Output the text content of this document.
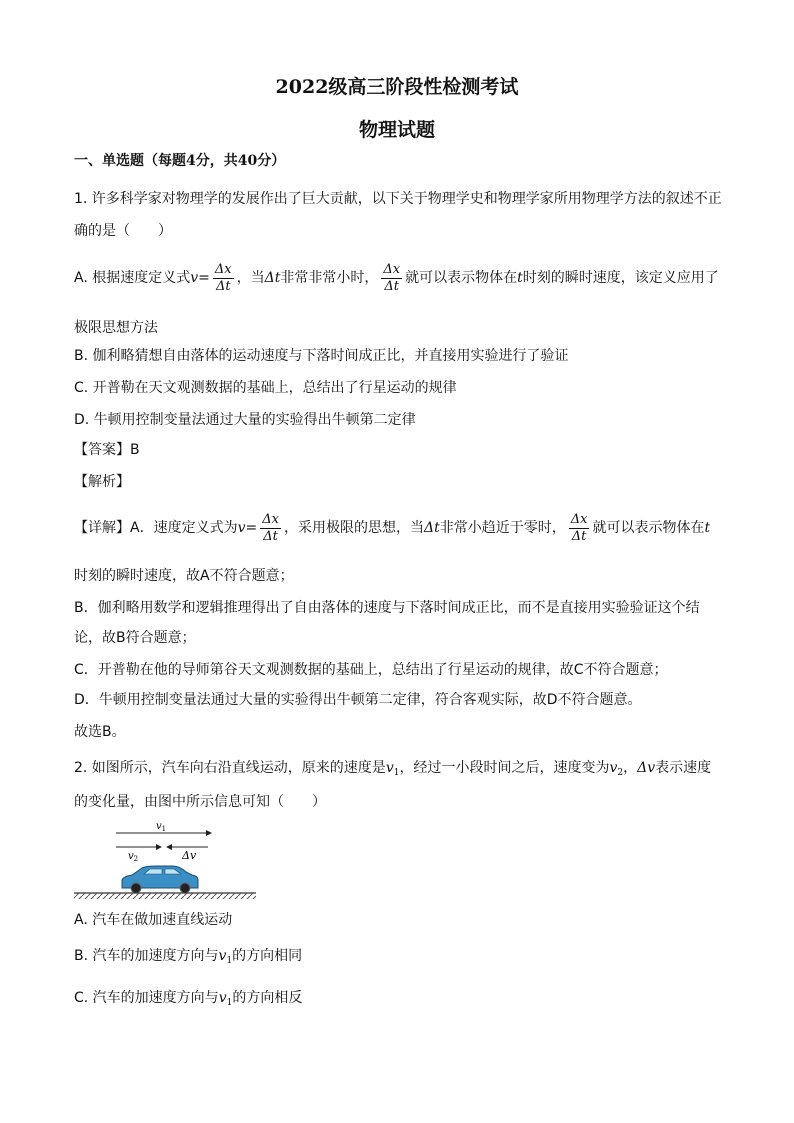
2022级高三阶段性检测考试
物理试题
一、单选题（每题4分，共40分）
1. 许多科学家对物理学的发展作出了巨大贡献，以下关于物理学史和物理学家所用物理学方法的叙述不正
确的是（　　）
A. 根据速度定义式$v= \frac{\Delta x}{\Delta t}$ ，当Δt非常非常小时， $\frac{\Delta x}{\Delta t}$ 就可以表示物体在t时刻的瞬时速度，该定义应用了
极限思想方法
B. 伽利略猜想自由落体的运动速度与下落时间成正比，并直接用实验进行了验证
C. 开普勒在天文观测数据的基础上，总结出了行星运动的规律
D. 牛顿用控制变量法通过大量的实验得出牛顿第二定律
【答案】B
【解析】
【详解】A．速度定义式为$v= \frac{\Delta x}{\Delta t}$ ，采用极限的思想，当Δt非常小趋近于零时， $\frac{\Delta x}{\Delta t}$ 就可以表示物体在t
时刻的瞬时速度，故A不符合题意；
B．伽利略用数学和逻辑推理得出了自由落体的速度与下落时间成正比，而不是直接用实验验证这个结
论，故B符合题意；
C．开普勒在他的导师第谷天文观测数据的基础上，总结出了行星运动的规律，故C不符合题意；
D．牛顿用控制变量法通过大量的实验得出牛顿第二定律，符合客观实际，故D不符合题意。
故选B。
2. 如图所示，汽车向右沿直线运动，原来的速度是$v_1$，经过一小段时间之后，速度变为$v_2$，Δv表示速度
的变化量，由图中所示信息可知（　　）
$v_1$
$v_2$	Δv
A. 汽车在做加速直线运动
B. 汽车的加速度方向与$v_1$的方向相同
C. 汽车的加速度方向与$v_1$的方向相反
